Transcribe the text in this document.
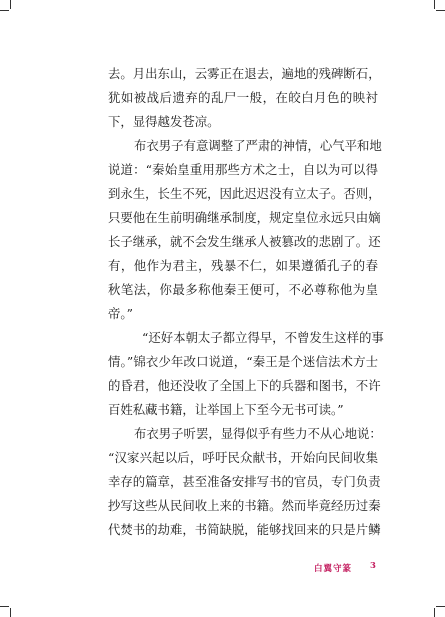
去。月出东山，云雾正在退去，遍地的残碑断石，
犹如被战后遗弃的乱尸一般，在皎白月色的映衬
下，显得越发苍凉。
布衣男子有意调整了严肃的神情，心气平和地
说道：“秦始皇重用那些方术之士，自以为可以得
到永生，长生不死，因此迟迟没有立太子。否则，
只要他在生前明确继承制度，规定皇位永远只由嫡
长子继承，就不会发生继承人被篡改的悲剧了。还
有，他作为君主，残暴不仁，如果遵循孔子的春
秋笔法，你最多称他秦王便可，不必尊称他为皇
帝。”
“还好本朝太子都立得早，不曾发生这样的事
情。”锦衣少年改口说道，“秦王是个迷信法术方士
的昏君，他还没收了全国上下的兵器和图书，不许
百姓私藏书籍，让举国上下至今无书可读。”
布衣男子听罢，显得似乎有些力不从心地说：
“汉家兴起以后，呼吁民众献书，开始向民间收集
幸存的篇章，甚至准备安排写书的官员，专门负责
抄写这些从民间收上来的书籍。然而毕竟经历过秦
代焚书的劫难，书简缺脱，能够找回来的只是片鳞
白翼守篆 3
